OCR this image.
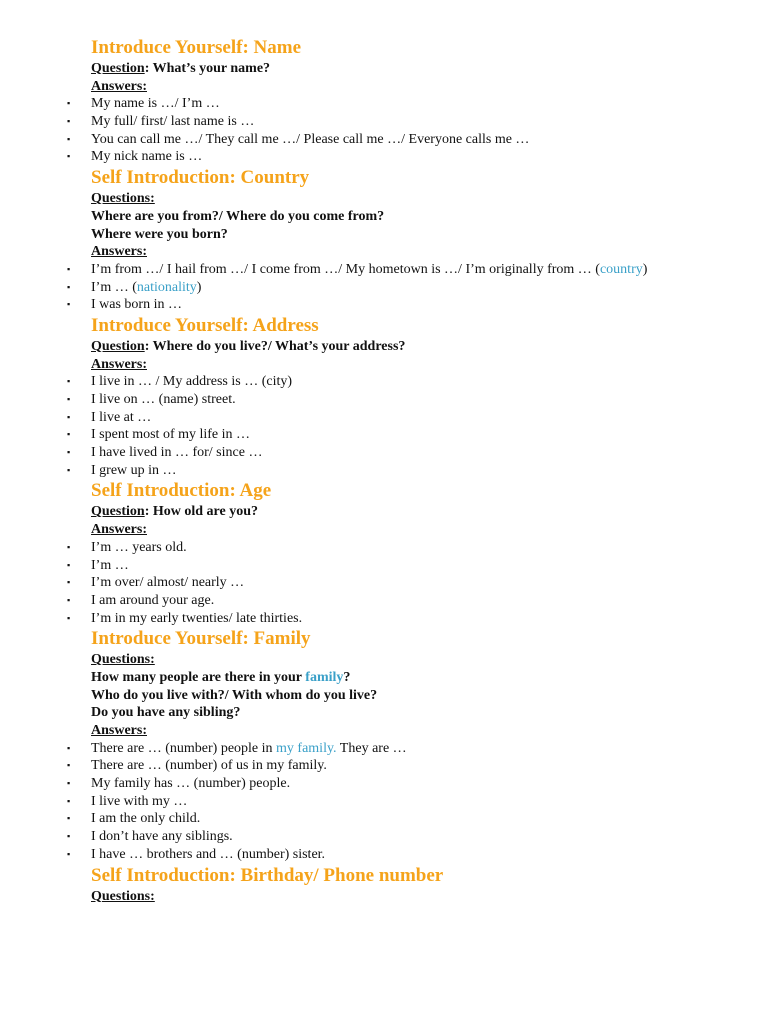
Introduce Yourself: Name
Question: What’s your name?
Answers:
▪ My name is …/ I’m …
▪ My full/ first/ last name is …
▪ You can call me …/ They call me …/ Please call me …/ Everyone calls me …
▪ My nick name is …
Self Introduction: Country
Questions:
Where are you from?/ Where do you come from?
Where were you born?
Answers:
▪ I’m from …/ I hail from …/ I come from …/ My hometown is …/ I’m originally from … (country)
▪ I’m … (nationality)
▪ I was born in …
Introduce Yourself: Address
Question: Where do you live?/ What’s your address?
Answers:
▪ I live in … / My address is … (city)
▪ I live on … (name) street.
▪ I live at …
▪ I spent most of my life in …
▪ I have lived in … for/ since …
▪ I grew up in …
Self Introduction: Age
Question: How old are you?
Answers:
▪ I’m … years old.
▪ I’m …
▪ I’m over/ almost/ nearly …
▪ I am around your age.
▪ I’m in my early twenties/ late thirties.
Introduce Yourself: Family
Questions:
How many people are there in your family?
Who do you live with?/ With whom do you live?
Do you have any sibling?
Answers:
▪ There are … (number) people in my family. They are …
▪ There are … (number) of us in my family.
▪ My family has … (number) people.
▪ I live with my …
▪ I am the only child.
▪ I don’t have any siblings.
▪ I have … brothers and … (number) sister.
Self Introduction: Birthday/ Phone number
Questions:
